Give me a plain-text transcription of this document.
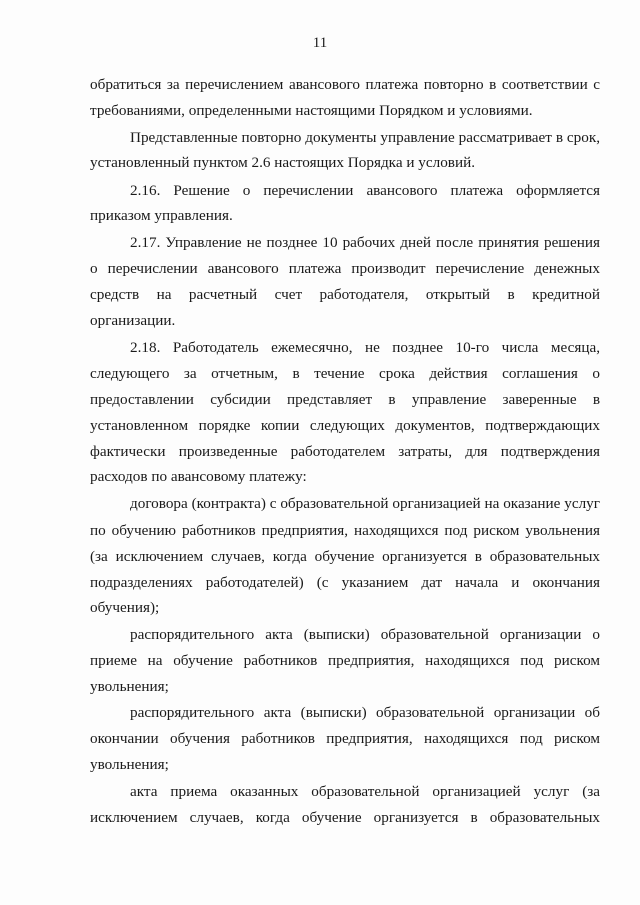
11
обратиться за перечислением авансового платежа повторно в соответствии с
требованиями, определенными настоящими Порядком и условиями.
Представленные повторно документы управление рассматривает в срок,
установленный пунктом 2.6 настоящих Порядка и условий.
2.16. Решение о перечислении авансового платежа оформляется
приказом управления.
2.17. Управление не позднее 10 рабочих дней после принятия решения
о перечислении авансового платежа производит перечисление денежных
средств на расчетный счет работодателя, открытый в кредитной
организации.
2.18. Работодатель ежемесячно, не позднее 10-го числа месяца,
следующего за отчетным, в течение срока действия соглашения о
предоставлении субсидии представляет в управление заверенные в
установленном порядке копии следующих документов, подтверждающих
фактически произведенные работодателем затраты, для подтверждения
расходов по авансовому платежу:
договора (контракта) с образовательной организацией на оказание услуг
по обучению работников предприятия, находящихся под риском увольнения
(за исключением случаев, когда обучение организуется в образовательных
подразделениях работодателей) (с указанием дат начала и окончания
обучения);
распорядительного акта (выписки) образовательной организации о
приеме на обучение работников предприятия, находящихся под риском
увольнения;
распорядительного акта (выписки) образовательной организации об
окончании обучения работников предприятия, находящихся под риском
увольнения;
акта приема оказанных образовательной организацией услуг (за
исключением случаев, когда обучение организуется в образовательных
